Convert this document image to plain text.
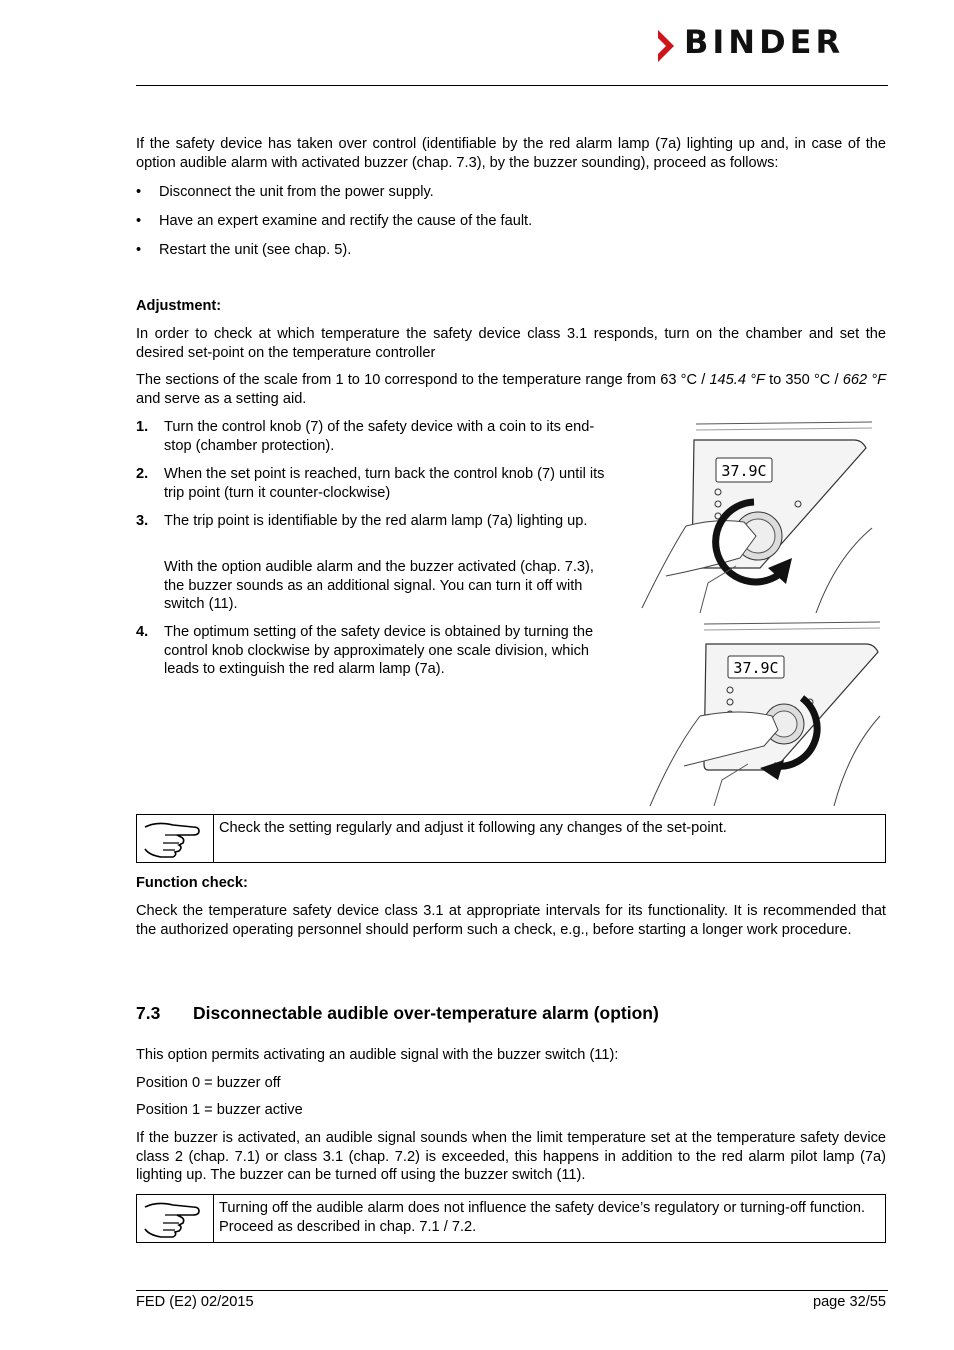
BINDER

If the safety device has taken over control (identifiable by the red alarm lamp (7a) lighting up and, in case of the option audible alarm with activated buzzer (chap. 7.3), by the buzzer sounding), proceed as follows:

•	Disconnect the unit from the power supply.
•	Have an expert examine and rectify the cause of the fault.
•	Restart the unit (see chap. 5).

Adjustment:

In order to check at which temperature the safety device class 3.1 responds, turn on the chamber and set the desired set-point on the temperature controller

The sections of the scale from 1 to 10 correspond to the temperature range from 63 °C / 145.4 °F to 350 °C / 662 °F and serve as a setting aid.

1. Turn the control knob (7) of the safety device with a coin to its end-stop (chamber protection).
2. When the set point is reached, turn back the control knob (7) until its trip point (turn it counter-clockwise)
3. The trip point is identifiable by the red alarm lamp (7a) lighting up.
With the option audible alarm and the buzzer activated (chap. 7.3), the buzzer sounds as an additional signal. You can turn it off with switch (11).
4. The optimum setting of the safety device is obtained by turning the control knob clockwise by approximately one scale division, which leads to extinguish the red alarm lamp (7a).
37.9C
37.9C
Check the setting regularly and adjust it following any changes of the set-point.

Function check:

Check the temperature safety device class 3.1 at appropriate intervals for its functionality. It is recommended that the authorized operating personnel should perform such a check, e.g., before starting a longer work procedure.

7.3 Disconnectable audible over-temperature alarm (option)

This option permits activating an audible signal with the buzzer switch (11):

Position 0 = buzzer off

Position 1 = buzzer active

If the buzzer is activated, an audible signal sounds when the limit temperature set at the temperature safety device class 2 (chap. 7.1) or class 3.1 (chap. 7.2) is exceeded, this happens in addition to the red alarm pilot lamp (7a) lighting up. The buzzer can be turned off using the buzzer switch (11).

Turning off the audible alarm does not influence the safety device’s regulatory or turning-off function. Proceed as described in chap. 7.1 / 7.2.
FED (E2) 02/2015	page 32/55
